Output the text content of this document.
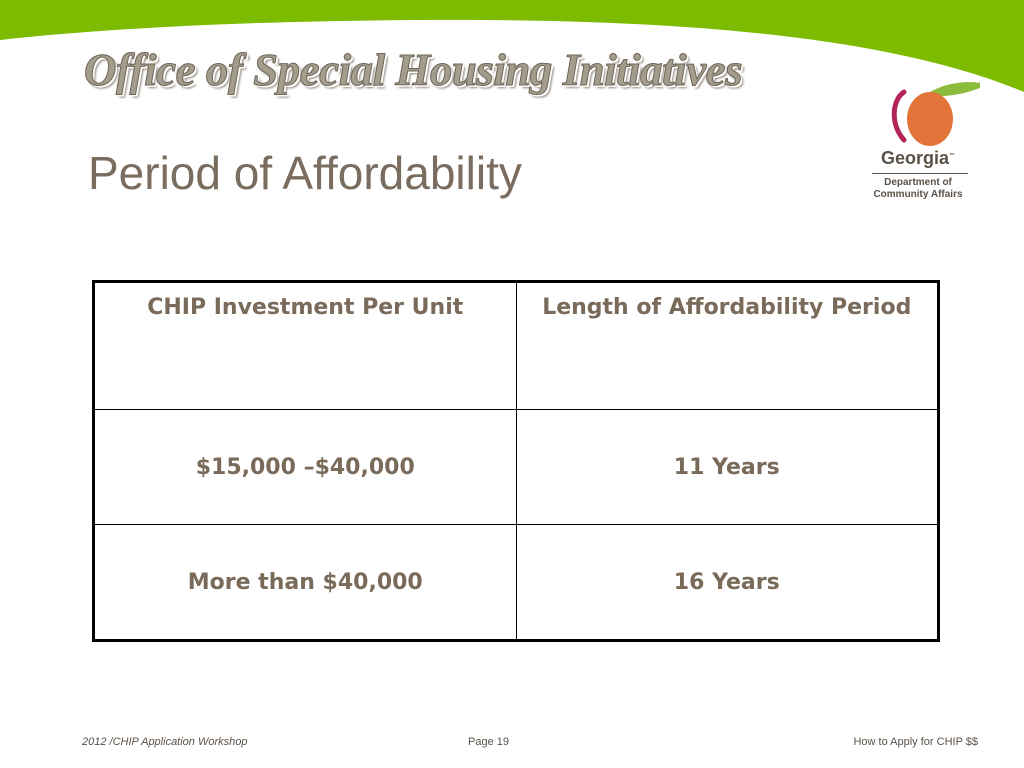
Office of Special Housing Initiatives
Period of Affordability	Georgia™
Department of
Community Affairs
CHIP Investment Per Unit	Length of Affordability Period
$15,000 –$40,000	11 Years
More than $40,000	16 Years
2012 /CHIP Application Workshop	Page 19	How to Apply for CHIP $$
